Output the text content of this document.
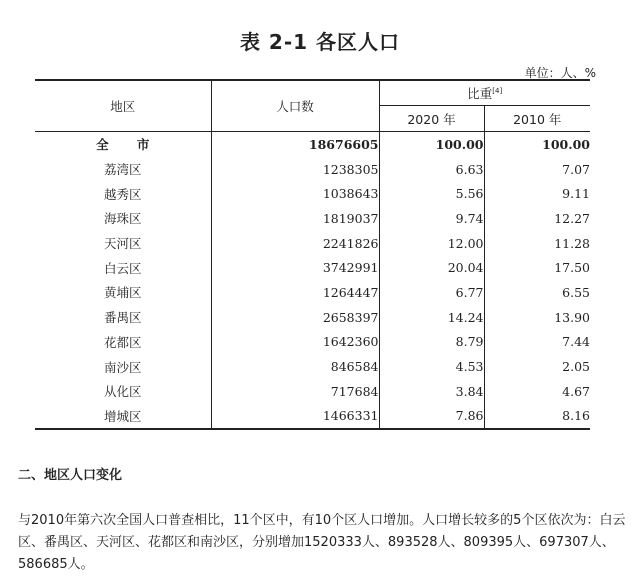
表 2-1 各区人口
单位：人、%
地区	人口数	比重[4]
		2020 年	2010 年
全 市	18676605	100.00	100.00
荔湾区	1238305	6.63	7.07
越秀区	1038643	5.56	9.11
海珠区	1819037	9.74	12.27
天河区	2241826	12.00	11.28
白云区	3742991	20.04	17.50
黄埔区	1264447	6.77	6.55
番禺区	2658397	14.24	13.90
花都区	1642360	8.79	7.44
南沙区	846584	4.53	2.05
从化区	717684	3.84	4.67
增城区	1466331	7.86	8.16
二、地区人口变化
与2010年第六次全国人口普查相比，11个区中，有10个区人口增加。人口增长较多的5个区依次为：白云区、番禺区、天河区、花都区和南沙区，分别增加1520333人、893528人、809395人、697307人、586685人。
